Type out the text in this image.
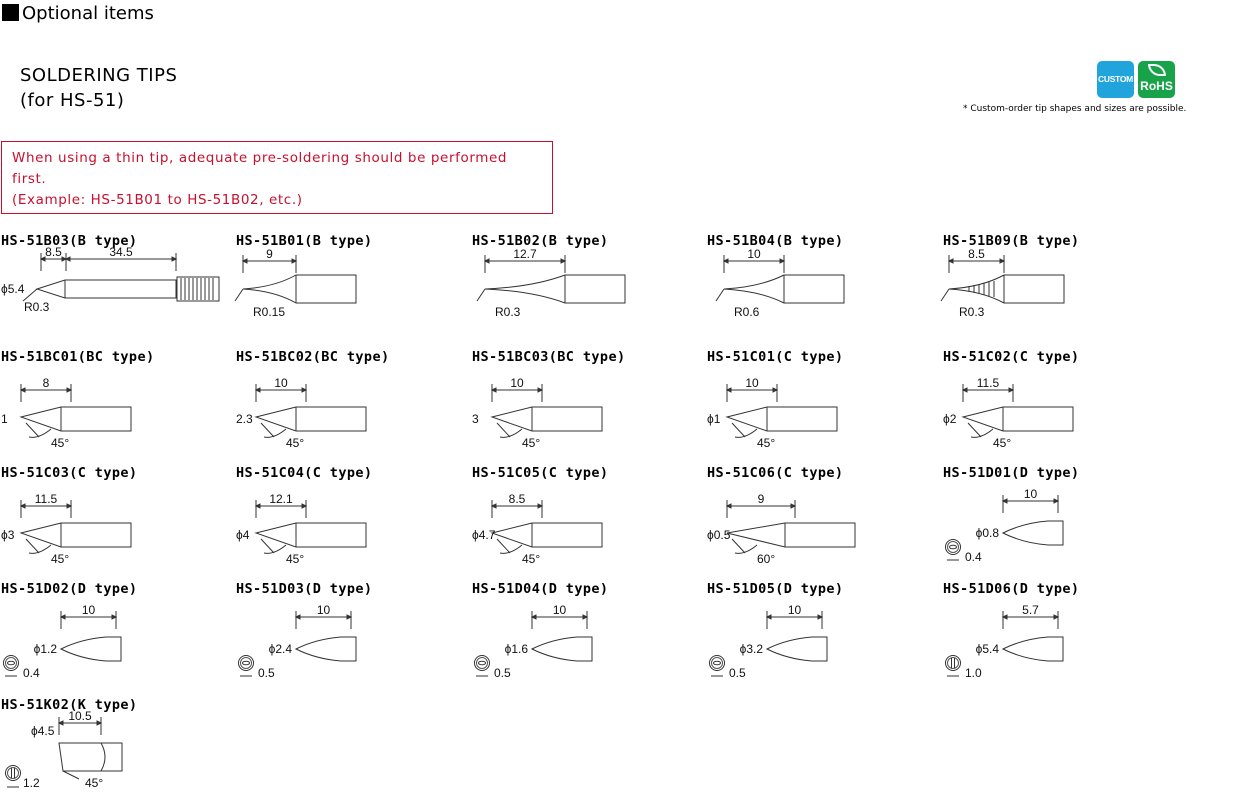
Optional items
SOLDERING TIPS
(for HS-51)
CUSTOM RoHS
* Custom-order tip shapes and sizes are possible.
When using a thin tip, adequate pre-soldering should be performed
first.
(Example: HS-51B01 to HS-51B02, etc.)
HS-51B03(B type)
8.5	34.5
ϕ5.4
R0.3
HS-51B01(B type)
9
R0.15
HS-51B02(B type)
12.7
R0.3
HS-51B04(B type)
10
R0.6
HS-51B09(B type)
8.5
R0.3
HS-51BC01(BC type)
8
45°
1
HS-51BC02(BC type)
10
45°
2.3
HS-51BC03(BC type)
10
45°
3
HS-51C01(C type)
10
45°
ϕ1
HS-51C02(C type)
11.5
45°
ϕ2
HS-51C03(C type)
11.5
45°
ϕ3
HS-51C04(C type)
12.1
45°
ϕ4
HS-51C05(C type)
8.5
45°
ϕ4.7
HS-51C06(C type)
9
60°
ϕ0.5
HS-51D01(D type)
0.4
10
ϕ0.8
HS-51D02(D type)
0.4
10
ϕ1.2
HS-51D03(D type)
0.5
10
ϕ2.4
HS-51D04(D type)
0.5
10
ϕ1.6
HS-51D05(D type)
0.5
10
ϕ3.2
HS-51D06(D type)
1.0
5.7
ϕ5.4
HS-51K02(K type)
1.2
10.5
ϕ4.5
45°
